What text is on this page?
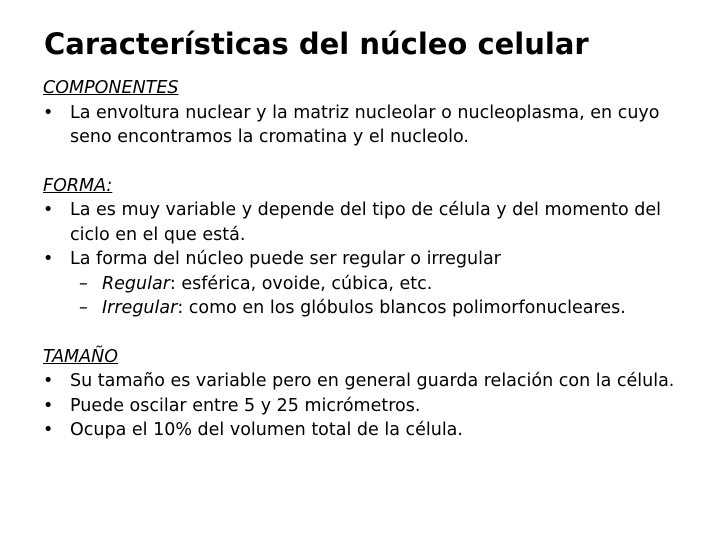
Características del núcleo celular

COMPONENTES

• La envoltura nuclear y la matriz nucleolar o nucleoplasma, en cuyo seno encontramos la cromatina y el nucleolo.

FORMA:

• La es muy variable y depende del tipo de célula y del momento del ciclo en el que está.
• La forma del núcleo puede ser regular o irregular
– Regular: esférica, ovoide, cúbica, etc.
– Irregular: como en los glóbulos blancos polimorfonucleares.

TAMAÑO

• Su tamaño es variable pero en general guarda relación con la célula.
• Puede oscilar entre 5 y 25 micrómetros.
• Ocupa el 10% del volumen total de la célula.
